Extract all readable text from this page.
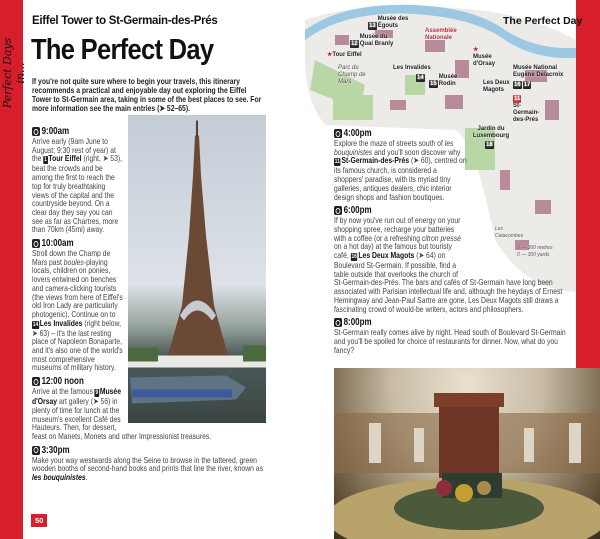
Perfect Days in...
Eiffel Tower to St-Germain-des-Prés
The Perfect Day
If you're not quite sure where to begin your travels, this itinerary recommends a practical and enjoyable day out exploring the Eiffel Tower to St-Germain area, taking in some of the best places to see. For more information see the main entries (➤ 52–65).
9:00am
Arrive early (9am June to August; 9:30 rest of year) at the 1 Tour Eiffel (right, ➤ 53), beat the crowds and be among the first to reach the top for truly breathtaking views of the capital and the countryside beyond. On a clear day they say you can see as far as Chartres, more than 70km (45mi) away.
10:00am
Stroll down the Champ de Mars past boules-playing locals, children on ponies, lovers entwined on benches and camera-clicking tourists (the views from here of Eiffel's old Iron Lady are particularly photogenic). Continue on to 14 Les Invalides (right below, ➤ 63) – it's the last resting place of Napoleon Bonaparte, and it's also one of the world's most comprehensive museums of military history.
12:00 noon
Arrive at the famous 9 Musée d'Orsay art gallery (➤ 56) in plenty of time for lunch at the museum's excellent Café des Hauteurs. Then, for dessert, feast on Manets, Monets and other Impressionist treasures.
3:30pm
Make your way westwards along the Seine to browse in the tattered, green wooden booths of second-hand books and prints that line the river, known as les bouquinistes.
50
13Musée des Égouts
12Musée du Quai Branly
Assemblée Nationale
★Tour Eiffel
Parc du Champ de Mars
Les Invalides
14
15Musée Rodin
★
Musée d'Orsay
Musée National Eugène Delacroix
Les Deux Magots
16 17
11
St-Germain-des-Prés
Jardin du Luxembourg
18
Les Catacombes
0 — 300 metres
0 — 300 yards
The Perfect Day
4:00pm
Explore the maze of streets south of les bouquinistes and you'll soon discover why 11 St-Germain-des-Prés (➤ 60), centred on its famous church, is considered a shoppers' paradise, with its myriad tiny galleries, antiques dealers, chic interior design shops and fashion boutiques.
6:00pm
If by now you've run out of energy on your shopping spree, recharge your batteries with a coffee (or a refreshing citron pressé on a hot day) at the famous but touristy café, 16 Les Deux Magots (➤ 64) on Boulevard St-Germain. If possible, find a table outside that overlooks the church of St-Germain-des-Prés. The bars and cafés of St-Germain have long been associated with Parisian intellectual life and, although the heydays of Ernest Hemingway and Jean-Paul Sartre are gone, Les Deux Magots still draws a fascinating crowd of would-be writers, actors and philosophers.
8:00pm
St-Germain really comes alive by night. Head south of Boulevard St-Germain and you'll be spoiled for choice of restaurants for dinner. Now, what do you fancy?
